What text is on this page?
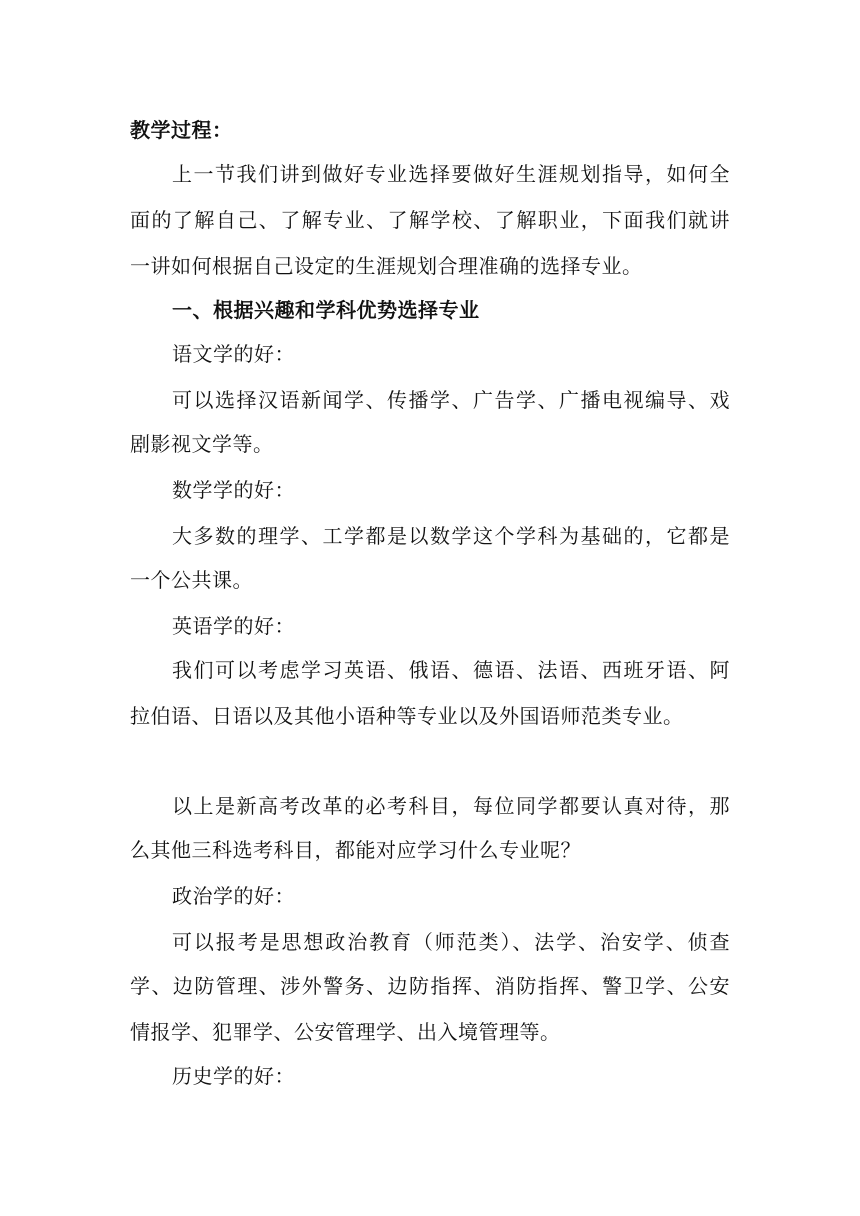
教学过程：
上一节我们讲到做好专业选择要做好生涯规划指导，如何全
面的了解自己、了解专业、了解学校、了解职业，下面我们就讲
一讲如何根据自己设定的生涯规划合理准确的选择专业。
一、根据兴趣和学科优势选择专业
语文学的好：
可以选择汉语新闻学、传播学、广告学、广播电视编导、戏
剧影视文学等。
数学学的好：
大多数的理学、工学都是以数学这个学科为基础的，它都是
一个公共课。
英语学的好：
我们可以考虑学习英语、俄语、德语、法语、西班牙语、阿
拉伯语、日语以及其他小语种等专业以及外国语师范类专业。
以上是新高考改革的必考科目，每位同学都要认真对待，那
么其他三科选考科目，都能对应学习什么专业呢？
政治学的好：
可以报考是思想政治教育（师范类）、法学、治安学、侦查
学、边防管理、涉外警务、边防指挥、消防指挥、警卫学、公安
情报学、犯罪学、公安管理学、出入境管理等。
历史学的好：
